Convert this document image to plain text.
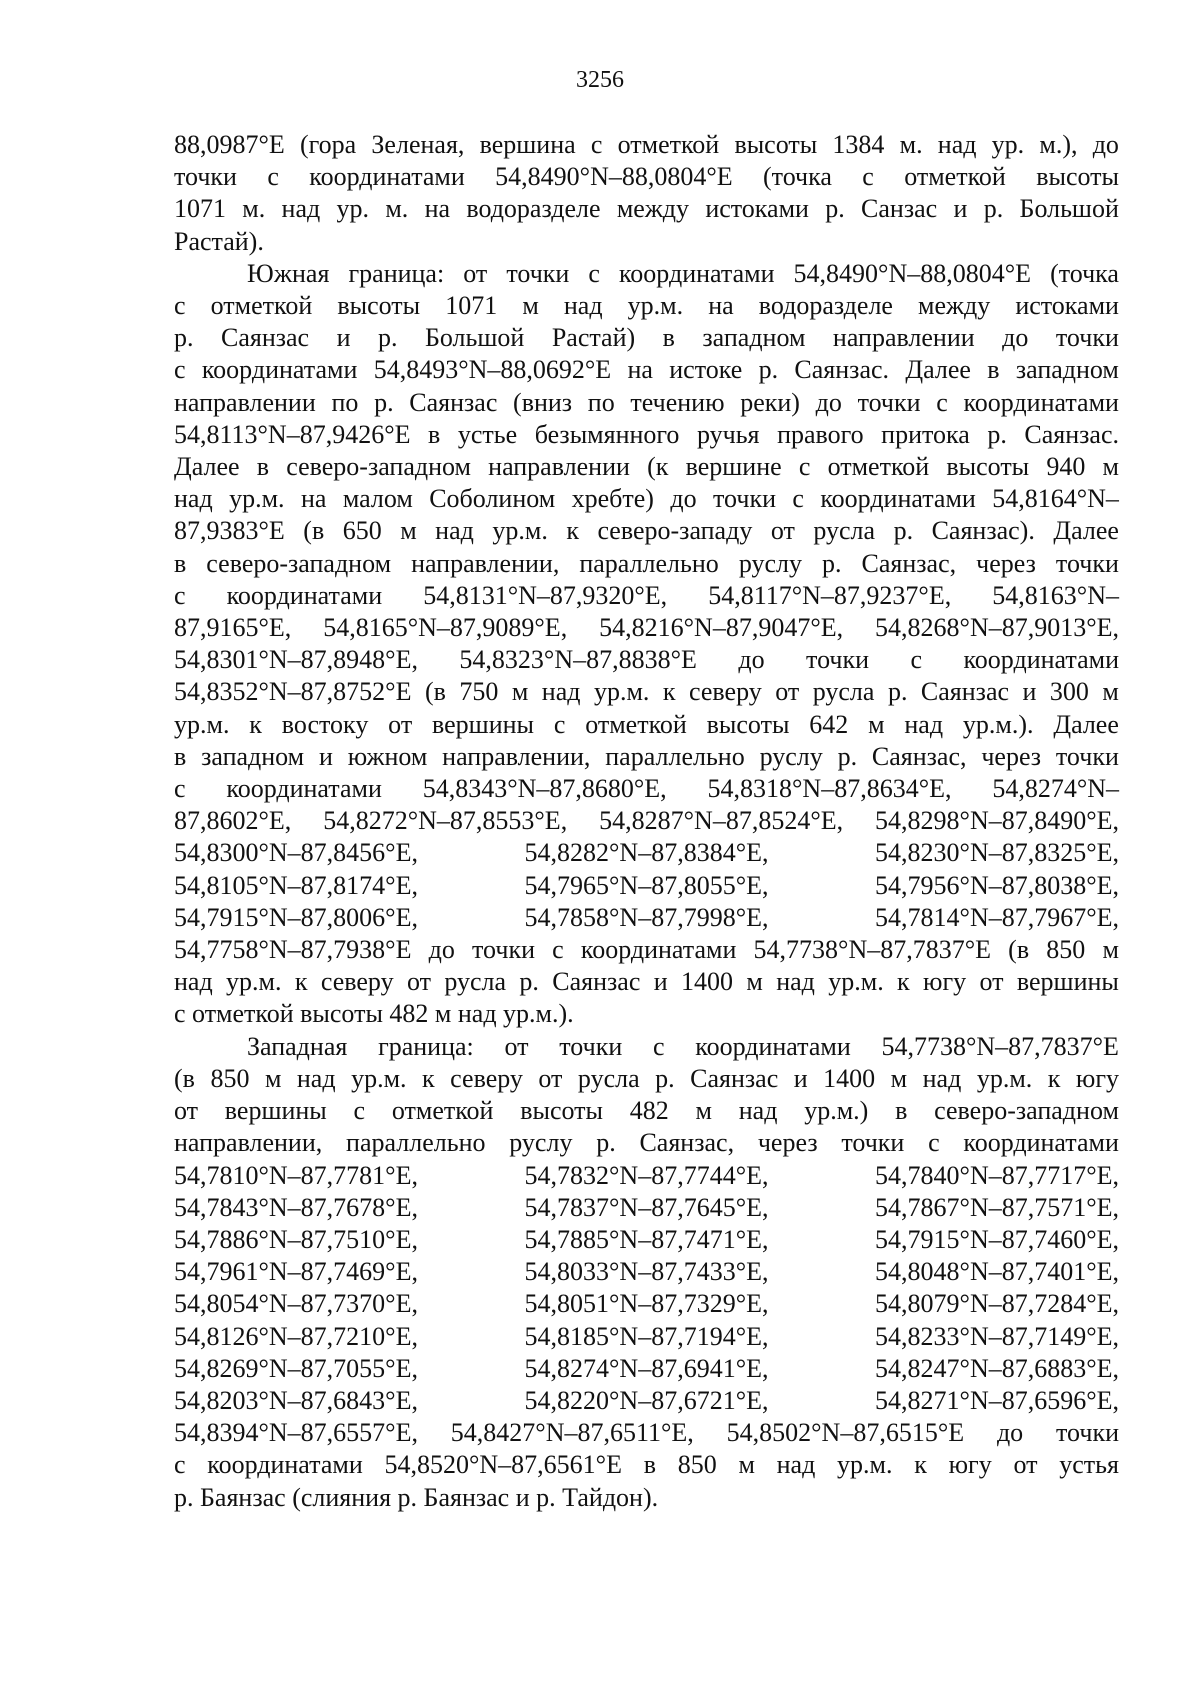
3256
88,0987°E (гора Зеленая, вершина с отметкой высоты 1384 м. над ур. м.), до
точки с координатами 54,8490°N–88,0804°E (точка с отметкой высоты
1071 м. над ур. м. на водоразделе между истоками р. Санзас и р. Большой
Растай).
Южная граница: от точки с координатами 54,8490°N–88,0804°E (точка
с отметкой высоты 1071 м над ур.м. на водоразделе между истоками
р. Саянзас и р. Большой Растай) в западном направлении до точки
с координатами 54,8493°N–88,0692°E на истоке р. Саянзас. Далее в западном
направлении по р. Саянзас (вниз по течению реки) до точки с координатами
54,8113°N–87,9426°E в устье безымянного ручья правого притока р. Саянзас.
Далее в северо-западном направлении (к вершине с отметкой высоты 940 м
над ур.м. на малом Соболином хребте) до точки с координатами 54,8164°N–
87,9383°E (в 650 м над ур.м. к северо-западу от русла р. Саянзас). Далее
в северо-западном направлении, параллельно руслу р. Саянзас, через точки
с координатами 54,8131°N–87,9320°E, 54,8117°N–87,9237°E, 54,8163°N–
87,9165°E, 54,8165°N–87,9089°E, 54,8216°N–87,9047°E, 54,8268°N–87,9013°E,
54,8301°N–87,8948°E, 54,8323°N–87,8838°E до точки с координатами
54,8352°N–87,8752°E (в 750 м над ур.м. к северу от русла р. Саянзас и 300 м
ур.м. к востоку от вершины с отметкой высоты 642 м над ур.м.). Далее
в западном и южном направлении, параллельно руслу р. Саянзас, через точки
с координатами 54,8343°N–87,8680°E, 54,8318°N–87,8634°E, 54,8274°N–
87,8602°E, 54,8272°N–87,8553°E, 54,8287°N–87,8524°E, 54,8298°N–87,8490°E,
54,8300°N–87,8456°E,	54,8282°N–87,8384°E,	54,8230°N–87,8325°E,
54,8105°N–87,8174°E,	54,7965°N–87,8055°E,	54,7956°N–87,8038°E,
54,7915°N–87,8006°E,	54,7858°N–87,7998°E,	54,7814°N–87,7967°E,
54,7758°N–87,7938°E до точки с координатами 54,7738°N–87,7837°E (в 850 м
над ур.м. к северу от русла р. Саянзас и 1400 м над ур.м. к югу от вершины
с отметкой высоты 482 м над ур.м.).
Западная граница: от точки с координатами 54,7738°N–87,7837°E
(в 850 м над ур.м. к северу от русла р. Саянзас и 1400 м над ур.м. к югу
от вершины с отметкой высоты 482 м над ур.м.) в северо-западном
направлении, параллельно руслу р. Саянзас, через точки с координатами
54,7810°N–87,7781°E,	54,7832°N–87,7744°E,	54,7840°N–87,7717°E,
54,7843°N–87,7678°E,	54,7837°N–87,7645°E,	54,7867°N–87,7571°E,
54,7886°N–87,7510°E,	54,7885°N–87,7471°E,	54,7915°N–87,7460°E,
54,7961°N–87,7469°E,	54,8033°N–87,7433°E,	54,8048°N–87,7401°E,
54,8054°N–87,7370°E,	54,8051°N–87,7329°E,	54,8079°N–87,7284°E,
54,8126°N–87,7210°E,	54,8185°N–87,7194°E,	54,8233°N–87,7149°E,
54,8269°N–87,7055°E,	54,8274°N–87,6941°E,	54,8247°N–87,6883°E,
54,8203°N–87,6843°E,	54,8220°N–87,6721°E,	54,8271°N–87,6596°E,
54,8394°N–87,6557°E, 54,8427°N–87,6511°E, 54,8502°N–87,6515°E до точки
с координатами 54,8520°N–87,6561°E в 850 м над ур.м. к югу от устья
р. Баянзас (слияния р. Баянзас и р. Тайдон).
